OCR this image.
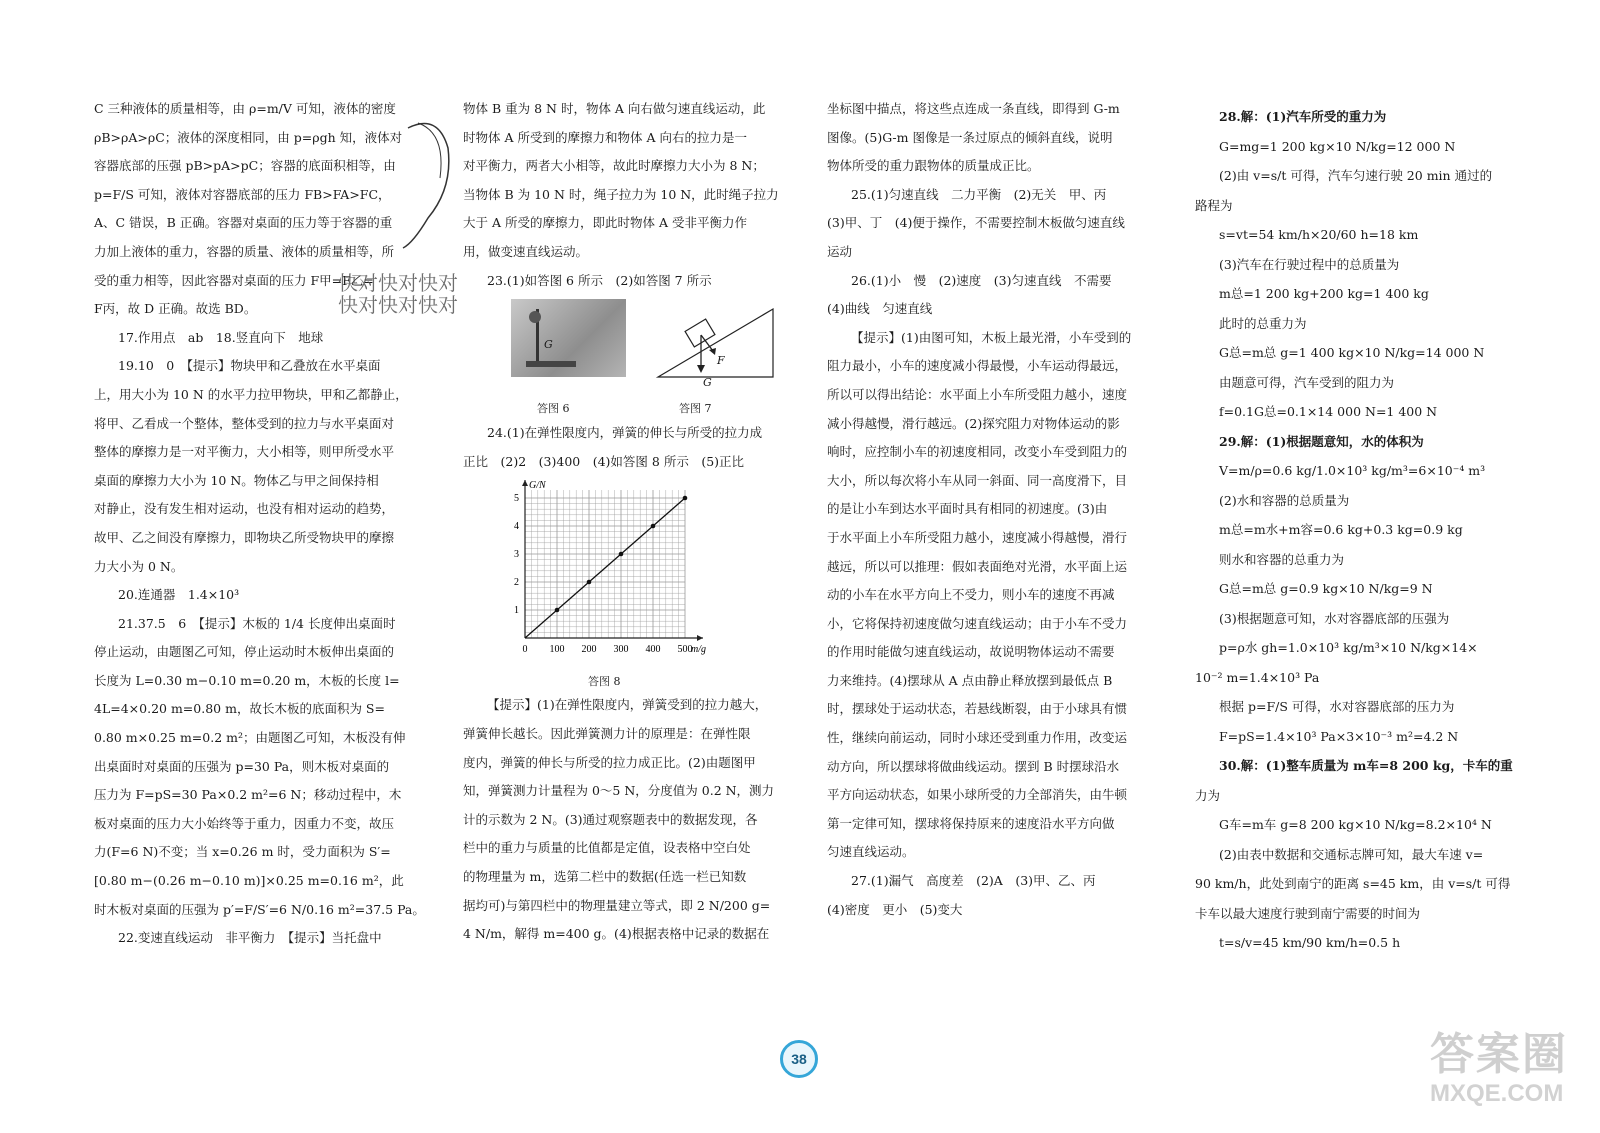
C 三种液体的质量相等，由 ρ=m/V 可知，液体的密度

ρB>ρA>ρC；液体的深度相同，由 p=ρgh 知，液体对

容器底部的压强 pB>pA>pC；容器的底面积相等，由

p=F/S 可知，液体对容器底部的压力 FB>FA>FC，

A、C 错误，B 正确。容器对桌面的压力等于容器的重

力加上液体的重力，容器的质量、液体的质量相等，所

受的重力相等，因此容器对桌面的压力 F甲=F乙=

F丙，故 D 正确。故选 BD。

17.作用点　ab　18.竖直向下　地球

19.10　0　【提示】物块甲和乙叠放在水平桌面

上，用大小为 10 N 的水平力拉甲物块，甲和乙都静止，

将甲、乙看成一个整体，整体受到的拉力与水平桌面对

整体的摩擦力是一对平衡力，大小相等，则甲所受水平

桌面的摩擦力大小为 10 N。物体乙与甲之间保持相

对静止，没有发生相对运动，也没有相对运动的趋势，

故甲、乙之间没有摩擦力，即物块乙所受物块甲的摩擦

力大小为 0 N。

20.连通器　1.4×10³

21.37.5　6　【提示】木板的 1/4 长度伸出桌面时

停止运动，由题图乙可知，停止运动时木板伸出桌面的

长度为 L=0.30 m−0.10 m=0.20 m，木板的长度 l=

4L=4×0.20 m=0.80 m，故长木板的底面积为 S=

0.80 m×0.25 m=0.2 m²；由题图乙可知，木板没有伸

出桌面时对桌面的压强为 p=30 Pa，则木板对桌面的

压力为 F=pS=30 Pa×0.2 m²=6 N；移动过程中，木

板对桌面的压力大小始终等于重力，因重力不变，故压

力(F=6 N)不变；当 x=0.26 m 时，受力面积为 S′=

[0.80 m−(0.26 m−0.10 m)]×0.25 m=0.16 m²，此

时木板对桌面的压强为 p′=F/S′=6 N/0.16 m²=37.5 Pa。

22.变速直线运动　非平衡力　【提示】当托盘中

快对快对快对
快对快对快对

物体 B 重为 8 N 时，物体 A 向右做匀速直线运动，此

时物体 A 所受到的摩擦力和物体 A 向右的拉力是一

对平衡力，两者大小相等，故此时摩擦力大小为 8 N；

当物体 B 为 10 N 时，绳子拉力为 10 N，此时绳子拉力

大于 A 所受的摩擦力，即此时物体 A 受非平衡力作

用，做变速直线运动。

23.(1)如答图 6 所示　(2)如答图 7 所示

G
答图 6
F
G
答图 7

24.(1)在弹性限度内，弹簧的伸长与所受的拉力成

正比　(2)2　(3)400　(4)如答图 8 所示　(5)正比

0 100 200 300 400 500
1
2
3
4
5
m/g
G/N
答图 8

【提示】(1)在弹性限度内，弹簧受到的拉力越大，

弹簧伸长越长。因此弹簧测力计的原理是：在弹性限

度内，弹簧的伸长与所受的拉力成正比。(2)由题图甲

知，弹簧测力计量程为 0～5 N，分度值为 0.2 N，测力

计的示数为 2 N。(3)通过观察题表中的数据发现，各

栏中的重力与质量的比值都是定值，设表格中空白处

的物理量为 m，选第二栏中的数据(任选一栏已知数

据均可)与第四栏中的物理量建立等式，即 2 N/200 g=

4 N/m，解得 m=400 g。(4)根据表格中记录的数据在

坐标图中描点，将这些点连成一条直线，即得到 G-m

图像。(5)G-m 图像是一条过原点的倾斜直线，说明

物体所受的重力跟物体的质量成正比。

25.(1)匀速直线　二力平衡　(2)无关　甲、丙

(3)甲、丁　(4)便于操作，不需要控制木板做匀速直线

运动

26.(1)小　慢　(2)速度　(3)匀速直线　不需要

(4)曲线　匀速直线

【提示】(1)由图可知，木板上最光滑，小车受到的

阻力最小，小车的速度减小得最慢，小车运动得最远，

所以可以得出结论：水平面上小车所受阻力越小，速度

减小得越慢，滑行越远。(2)探究阻力对物体运动的影

响时，应控制小车的初速度相同，改变小车受到阻力的

大小，所以每次将小车从同一斜面、同一高度滑下，目

的是让小车到达水平面时具有相同的初速度。(3)由

于水平面上小车所受阻力越小，速度减小得越慢，滑行

越远，所以可以推理：假如表面绝对光滑，水平面上运

动的小车在水平方向上不受力，则小车的速度不再减

小，它将保持初速度做匀速直线运动；由于小车不受力

的作用时能做匀速直线运动，故说明物体运动不需要

力来维持。(4)摆球从 A 点由静止释放摆到最低点 B

时，摆球处于运动状态，若悬线断裂，由于小球具有惯

性，继续向前运动，同时小球还受到重力作用，改变运

动方向，所以摆球将做曲线运动。摆到 B 时摆球沿水

平方向运动状态，如果小球所受的力全部消失，由牛顿

第一定律可知，摆球将保持原来的速度沿水平方向做

匀速直线运动。

27.(1)漏气　高度差　(2)A　(3)甲、乙、丙

(4)密度　更小　(5)变大

28.解：(1)汽车所受的重力为

G=mg=1 200 kg×10 N/kg=12 000 N

(2)由 v=s/t 可得，汽车匀速行驶 20 min 通过的

路程为

s=vt=54 km/h×20/60 h=18 km

(3)汽车在行驶过程中的总质量为

m总=1 200 kg+200 kg=1 400 kg

此时的总重力为

G总=m总 g=1 400 kg×10 N/kg=14 000 N

由题意可得，汽车受到的阻力为

f=0.1G总=0.1×14 000 N=1 400 N

29.解：(1)根据题意知，水的体积为

V=m/ρ=0.6 kg/1.0×10³ kg/m³=6×10⁻⁴ m³

(2)水和容器的总质量为

m总=m水+m容=0.6 kg+0.3 kg=0.9 kg

则水和容器的总重力为

G总=m总 g=0.9 kg×10 N/kg=9 N

(3)根据题意可知，水对容器底部的压强为

p=ρ水 gh=1.0×10³ kg/m³×10 N/kg×14×

10⁻² m=1.4×10³ Pa

根据 p=F/S 可得，水对容器底部的压力为

F=pS=1.4×10³ Pa×3×10⁻³ m²=4.2 N

30.解：(1)整车质量为 m车=8 200 kg，卡车的重

力为

G车=m车 g=8 200 kg×10 N/kg=8.2×10⁴ N

(2)由表中数据和交通标志牌可知，最大车速 v=

90 km/h，此处到南宁的距离 s=45 km，由 v=s/t 可得

卡车以最大速度行驶到南宁需要的时间为

t=s/v=45 km/90 km/h=0.5 h

38	答案圈
MXQE.COM
